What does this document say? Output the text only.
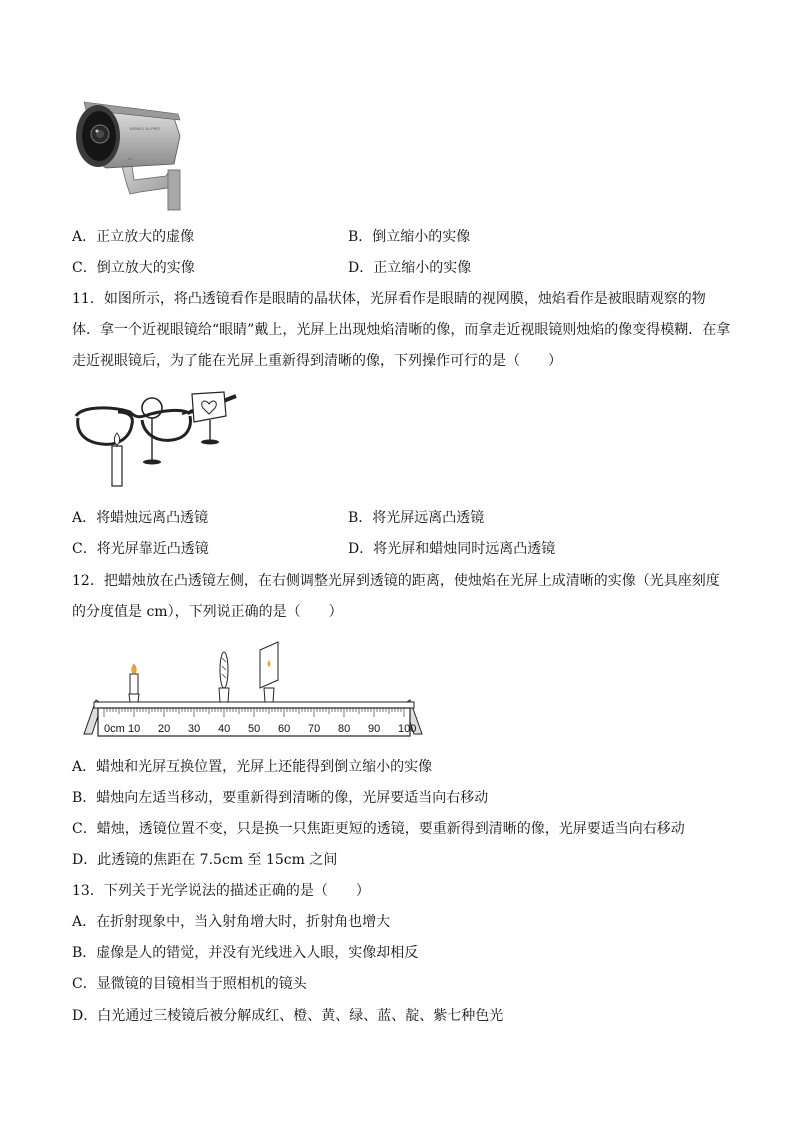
KENKO JU PRO
≡ ≡
A．正立放大的虚像	B．倒立缩小的实像
C．倒立放大的实像	D．正立缩小的实像
11．如图所示，将凸透镜看作是眼睛的晶状体，光屏看作是眼睛的视网膜，烛焰看作是被眼睛观察的物体．拿一个近视眼镜给“眼睛”戴上，光屏上出现烛焰清晰的像，而拿走近视眼镜则烛焰的像变得模糊．在拿走近视眼镜后，为了能在光屏上重新得到清晰的像，下列操作可行的是（　　）
A．将蜡烛远离凸透镜	B．将光屏远离凸透镜
C．将光屏靠近凸透镜	D．将光屏和蜡烛同时远离凸透镜
12．把蜡烛放在凸透镜左侧，在右侧调整光屏到透镜的距离，使烛焰在光屏上成清晰的实像（光具座刻度的分度值是 cm），下列说正确的是（　　）
0cm 10 20 30 40 50 60 70 80 90 100
A．蜡烛和光屏互换位置，光屏上还能得到倒立缩小的实像
B．蜡烛向左适当移动，要重新得到清晰的像，光屏要适当向右移动
C．蜡烛，透镜位置不变，只是换一只焦距更短的透镜，要重新得到清晰的像，光屏要适当向右移动
D．此透镜的焦距在 7.5cm 至 15cm 之间
13．下列关于光学说法的描述正确的是（　　）
A．在折射现象中，当入射角增大时，折射角也增大
B．虚像是人的错觉，并没有光线进入人眼，实像却相反
C．显微镜的目镜相当于照相机的镜头
D．白光通过三棱镜后被分解成红、橙、黄、绿、蓝、靛、紫七种色光
